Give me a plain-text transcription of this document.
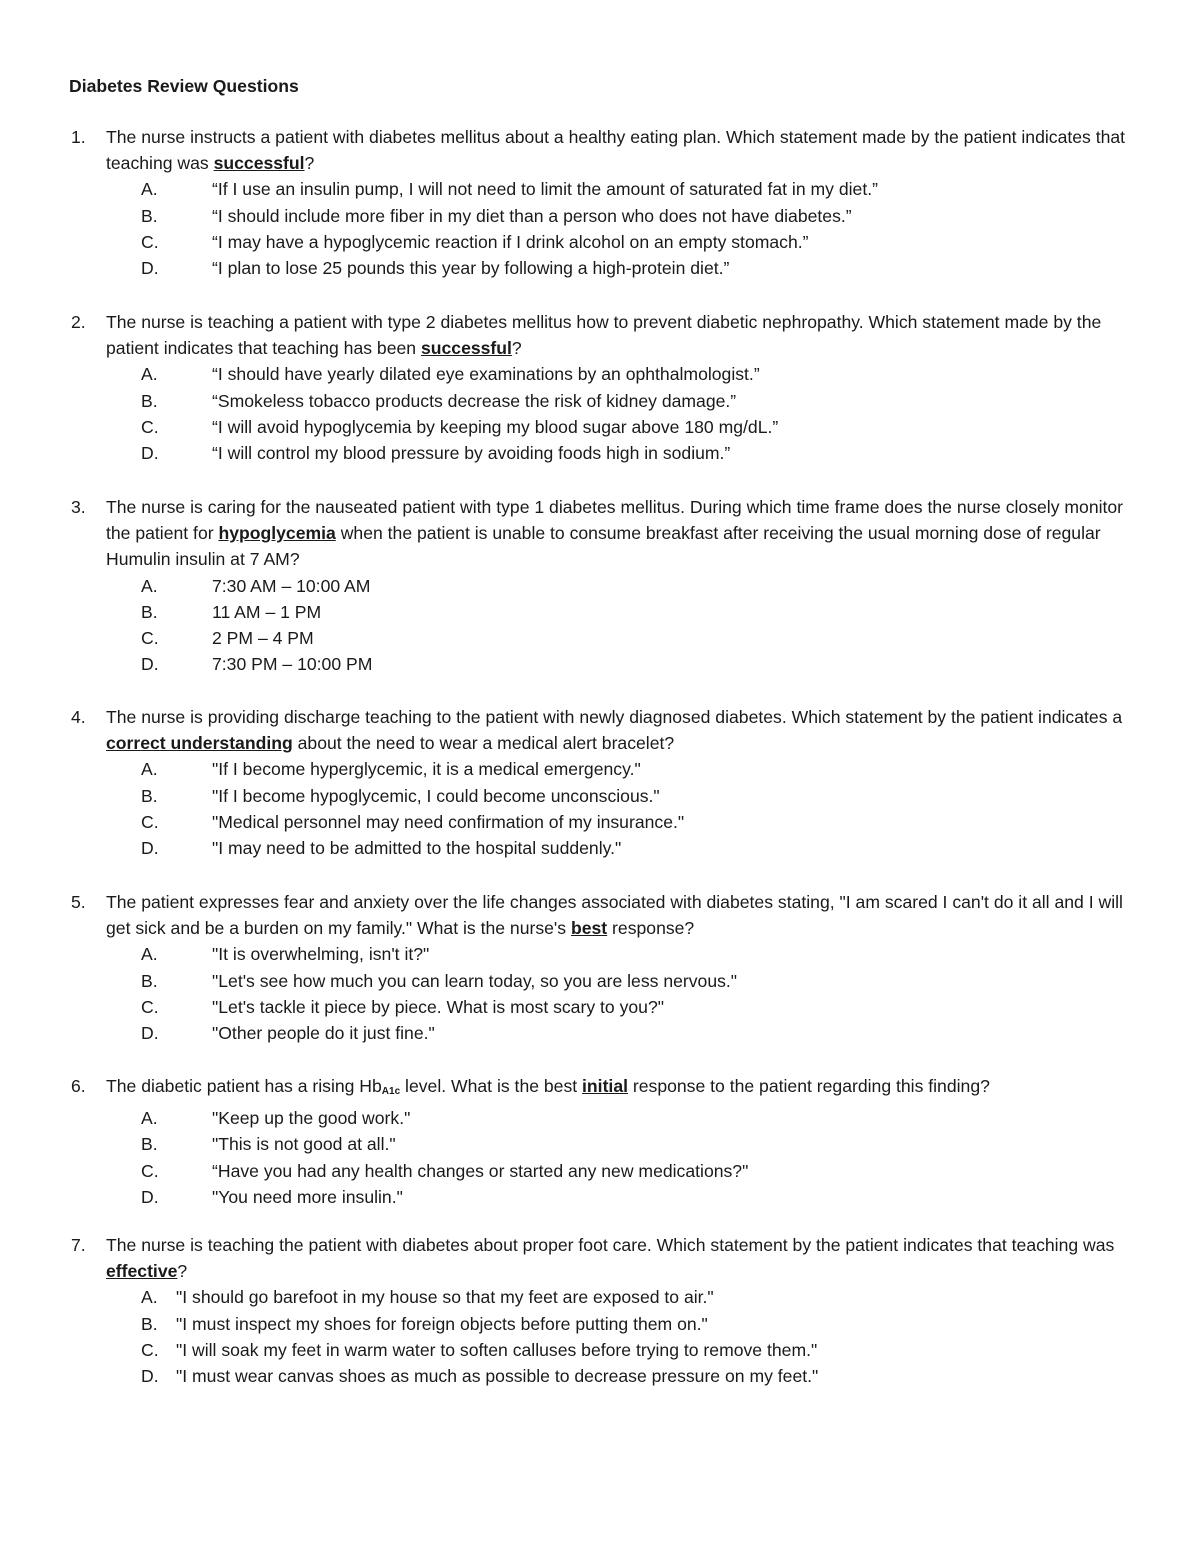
Diabetes Review Questions
1. The nurse instructs a patient with diabetes mellitus about a healthy eating plan. Which statement made by the patient indicates that teaching was successful?
A.	“If I use an insulin pump, I will not need to limit the amount of saturated fat in my diet.”
B.	“I should include more fiber in my diet than a person who does not have diabetes.”
C.	“I may have a hypoglycemic reaction if I drink alcohol on an empty stomach.”
D.	“I plan to lose 25 pounds this year by following a high-protein diet.”
2. The nurse is teaching a patient with type 2 diabetes mellitus how to prevent diabetic nephropathy. Which statement made by the patient indicates that teaching has been successful?
A.	“I should have yearly dilated eye examinations by an ophthalmologist.”
B.	“Smokeless tobacco products decrease the risk of kidney damage.”
C.	“I will avoid hypoglycemia by keeping my blood sugar above 180 mg/dL.”
D.	“I will control my blood pressure by avoiding foods high in sodium.”
3. The nurse is caring for the nauseated patient with type 1 diabetes mellitus. During which time frame does the nurse closely monitor the patient for hypoglycemia when the patient is unable to consume breakfast after receiving the usual morning dose of regular Humulin insulin at 7 AM?
A.	7:30 AM – 10:00 AM
B.	11 AM – 1 PM
C.	2 PM – 4 PM
D.	7:30 PM – 10:00 PM
4. The nurse is providing discharge teaching to the patient with newly diagnosed diabetes. Which statement by the patient indicates a correct understanding about the need to wear a medical alert bracelet?
A.	"If I become hyperglycemic, it is a medical emergency."
B.	"If I become hypoglycemic, I could become unconscious."
C.	"Medical personnel may need confirmation of my insurance."
D.	"I may need to be admitted to the hospital suddenly."
5. The patient expresses fear and anxiety over the life changes associated with diabetes stating, "I am scared I can't do it all and I will get sick and be a burden on my family." What is the nurse's best response?
A.	"It is overwhelming, isn't it?"
B.	"Let's see how much you can learn today, so you are less nervous."
C.	"Let's tackle it piece by piece. What is most scary to you?"
D.	"Other people do it just fine."
6. The diabetic patient has a rising $Hb_{A1c}$ level. What is the best initial response to the patient regarding this finding?
A.	"Keep up the good work."
B.	"This is not good at all."
C.	“Have you had any health changes or started any new medications?"
D.	"You need more insulin."
7. The nurse is teaching the patient with diabetes about proper foot care. Which statement by the patient indicates that teaching was effective?
A. "I should go barefoot in my house so that my feet are exposed to air."
B. "I must inspect my shoes for foreign objects before putting them on."
C. "I will soak my feet in warm water to soften calluses before trying to remove them."
D. "I must wear canvas shoes as much as possible to decrease pressure on my feet."
